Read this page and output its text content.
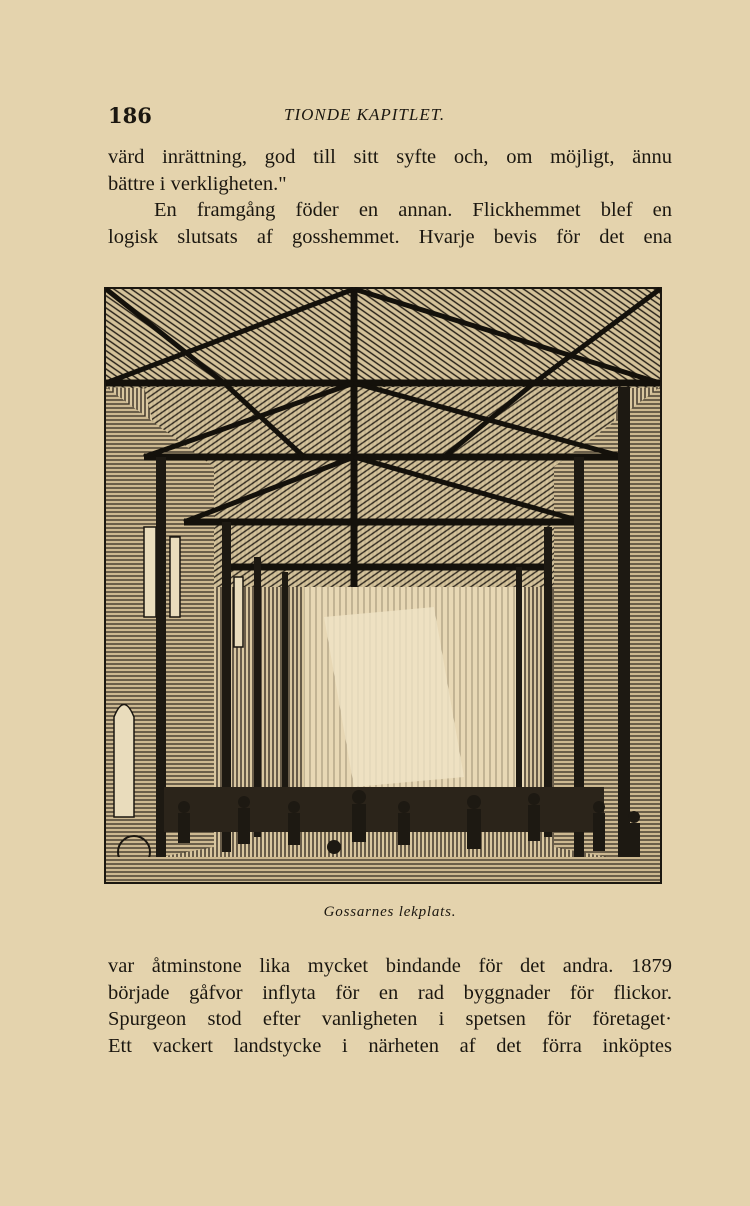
186	TIONDE KAPITLET.
värd inrättning, god till sitt syfte och, om möjligt, ännu
bättre i verkligheten."
En framgång föder en annan. Flickhemmet blef en
logisk slutsats af gosshemmet. Hvarje bevis för det ena
Gossarnes lekplats.
var åtminstone lika mycket bindande för det andra. 1879
började gåfvor inflyta för en rad byggnader för flickor.
Spurgeon stod efter vanligheten i spetsen för företaget·
Ett vackert landstycke i närheten af det förra inköptes
